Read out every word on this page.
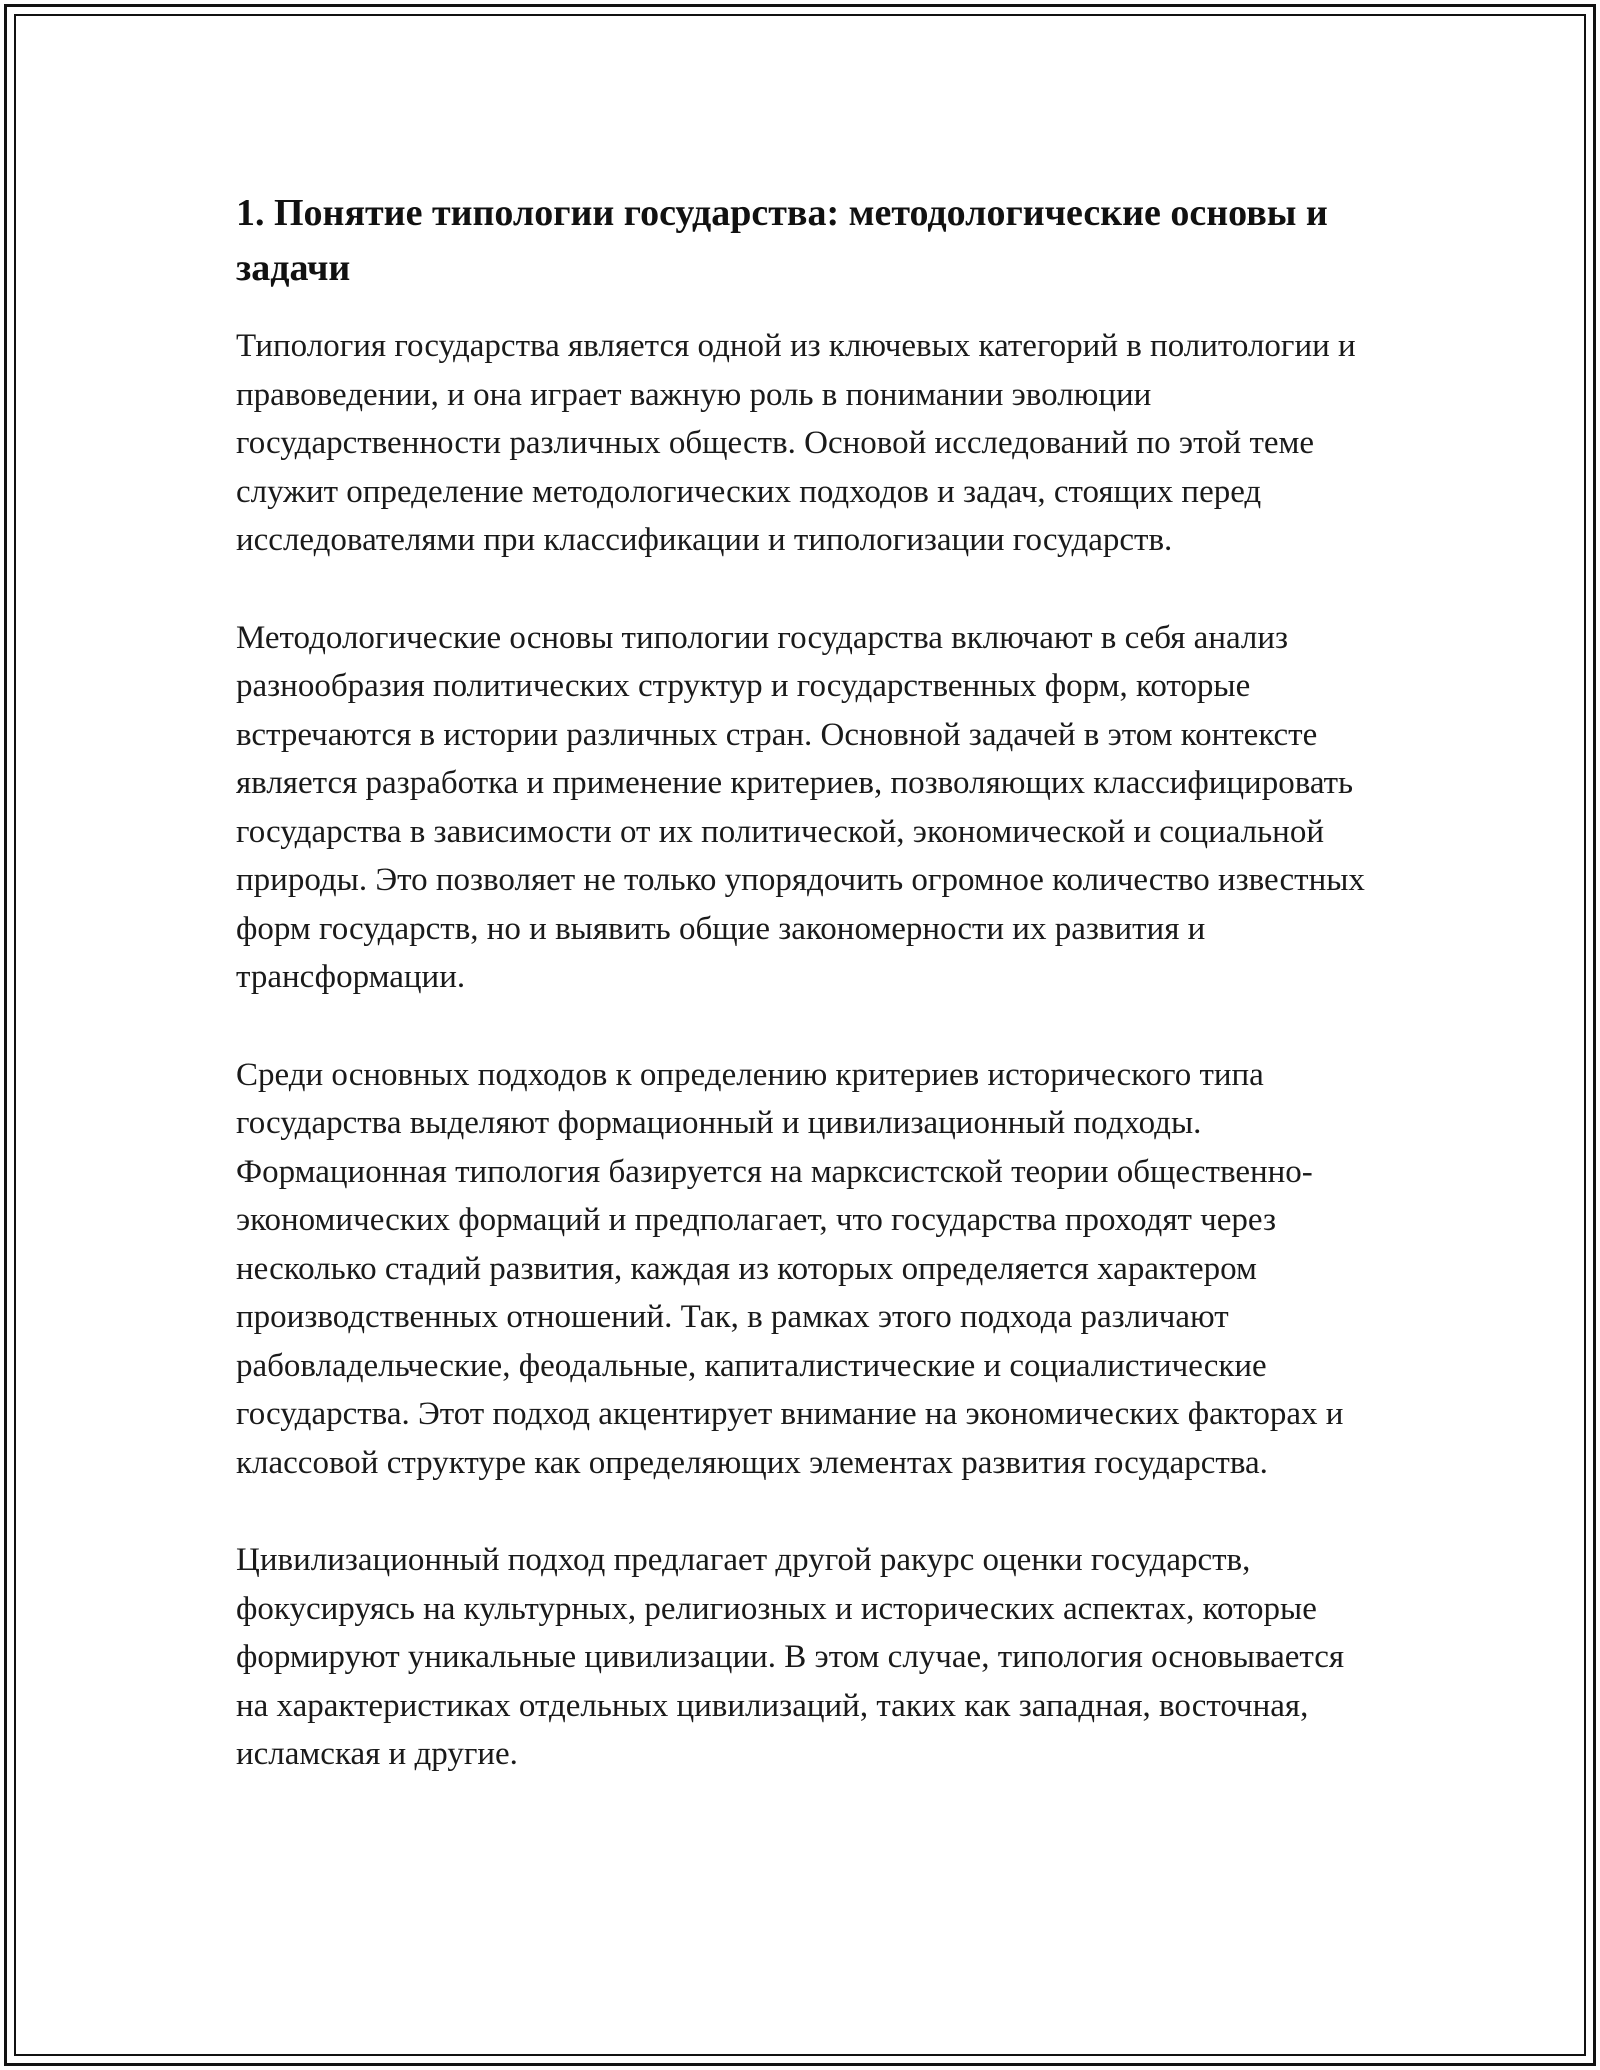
1. Понятие типологии государства: методологические основы и задачи

Типология государства является одной из ключевых категорий в политологии и правоведении, и она играет важную роль в понимании эволюции государственности различных обществ. Основой исследований по этой теме служит определение методологических подходов и задач, стоящих перед исследователями при классификации и типологизации государств.

Методологические основы типологии государства включают в себя анализ разнообразия политических структур и государственных форм, которые встречаются в истории различных стран. Основной задачей в этом контексте является разработка и применение критериев, позволяющих классифицировать государства в зависимости от их политической, экономической и социальной природы. Это позволяет не только упорядочить огромное количество известных форм государств, но и выявить общие закономерности их развития и трансформации.

Среди основных подходов к определению критериев исторического типа государства выделяют формационный и цивилизационный подходы. Формационная типология базируется на марксистской теории общественно-экономических формаций и предполагает, что государства проходят через несколько стадий развития, каждая из которых определяется характером производственных отношений. Так, в рамках этого подхода различают рабовладельческие, феодальные, капиталистические и социалистические государства. Этот подход акцентирует внимание на экономических факторах и классовой структуре как определяющих элементах развития государства.

Цивилизационный подход предлагает другой ракурс оценки государств, фокусируясь на культурных, религиозных и исторических аспектах, которые формируют уникальные цивилизации. В этом случае, типология основывается на характеристиках отдельных цивилизаций, таких как западная, восточная, исламская и другие.
